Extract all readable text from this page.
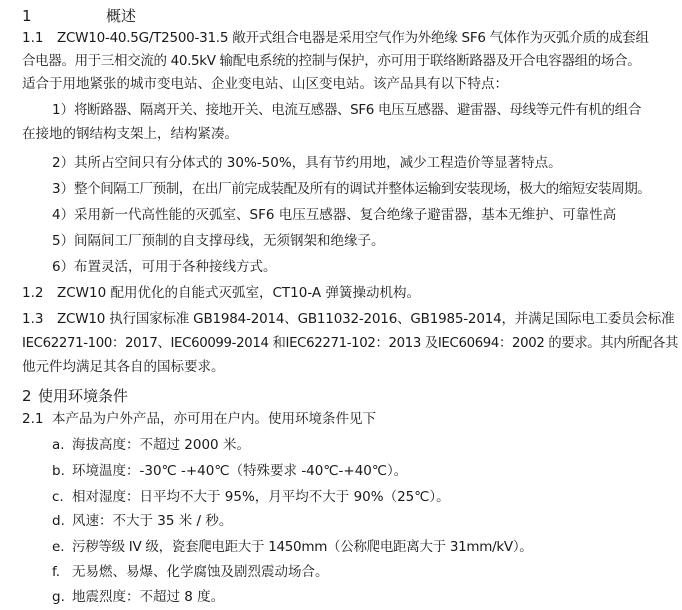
1	概述
1.1 ZCW10-40.5G/T2500-31.5 敞开式组合电器是采用空气作为外绝缘 SF6 气体作为灭弧介质的成套组
合电器。用于三相交流的 40.5kV 输配电系统的控制与保护，亦可用于联络断路器及开合电容器组的场合。
适合于用地紧张的城市变电站、企业变电站、山区变电站。该产品具有以下特点：
1） 将断路器、隔离开关、接地开关、电流互感器、SF6 电压互感器、避雷器、母线等元件有机的组合
在接地的钢结构支架上，结构紧凑。
2） 其所占空间只有分体式的 30%-50%，具有节约用地，减少工程造价等显著特点。
3） 整个间隔工厂预制，在出厂前完成装配及所有的调试并整体运输到安装现场，极大的缩短安装周期。
4） 采用新一代高性能的灭弧室、SF6 电压互感器、复合绝缘子避雷器，基本无维护、可靠性高
5） 间隔间工厂预制的自支撑母线，无须钢架和绝缘子。
6） 布置灵活，可用于各种接线方式。
1.2 ZCW10 配用优化的自能式灭弧室，CT10-A 弹簧操动机构。
1.3 ZCW10 执行国家标准 GB1984-2014、GB11032-2016、GB1985-2014，并满足国际电工委员会标准
IEC62271-100：2017、IEC60099-2014 和IEC62271-102：2013 及IEC60694：2002 的要求。其内所配各其
他元件均满足其各自的国标要求。
2 使用环境条件
2.1 本产品为户外产品，亦可用在户内。使用环境条件见下
a. 海拔高度：不超过 2000 米。
b. 环境温度：-30℃ -+40℃（特殊要求 -40℃-+40℃）。
c. 相对湿度：日平均不大于 95%，月平均不大于 90%（25℃）。
d. 风速：不大于 35 米 / 秒。
e. 污秽等级 IV 级，瓷套爬电距大于 1450mm（公称爬电距离大于 31mm/kV）。
f. 无易燃、易爆、化学腐蚀及剧烈震动场合。
g. 地震烈度：不超过 8 度。
